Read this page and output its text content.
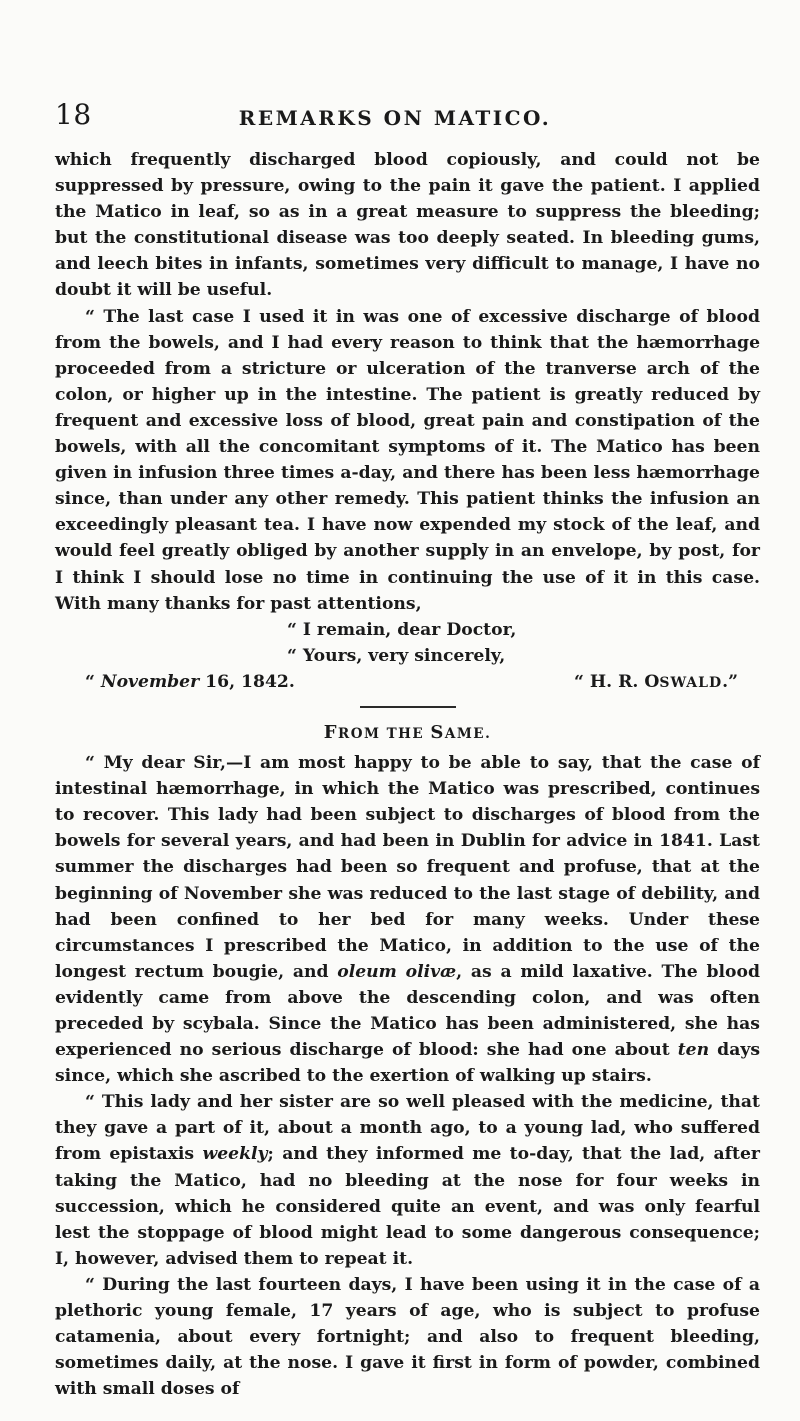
18	REMARKS ON MATICO.

which frequently discharged blood copiously, and could not be suppressed by pressure, owing to the pain it gave the patient. I applied the Matico in leaf, so as in a great measure to suppress the bleeding; but the constitutional disease was too deeply seated. In bleeding gums, and leech bites in infants, sometimes very difficult to manage, I have no doubt it will be useful.

“ The last case I used it in was one of excessive discharge of blood from the bowels, and I had every reason to think that the hæmorrhage proceeded from a stricture or ulceration of the tranverse arch of the colon, or higher up in the intestine. The patient is greatly reduced by frequent and excessive loss of blood, great pain and constipation of the bowels, with all the concomitant symptoms of it. The Matico has been given in infusion three times a-day, and there has been less hæmorrhage since, than under any other remedy. This patient thinks the infusion an exceedingly pleasant tea. I have now expended my stock of the leaf, and would feel greatly obliged by another supply in an envelope, by post, for I think I should lose no time in continuing the use of it in this case. With many thanks for past attentions,

“ I remain, dear Doctor,

“ Yours, very sincerely,

“ November 16, 1842.	“ H. R. OSWALD.”
FROM THE SAME.

“ My dear Sir,—I am most happy to be able to say, that the case of intestinal hæmorrhage, in which the Matico was prescribed, continues to recover. This lady had been subject to discharges of blood from the bowels for several years, and had been in Dublin for advice in 1841. Last summer the discharges had been so frequent and profuse, that at the beginning of November she was reduced to the last stage of debility, and had been confined to her bed for many weeks. Under these circumstances I prescribed the Matico, in addition to the use of the longest rectum bougie, and oleum olivæ, as a mild laxative. The blood evidently came from above the descending colon, and was often preceded by scybala. Since the Matico has been administered, she has experienced no serious discharge of blood: she had one about ten days since, which she ascribed to the exertion of walking up stairs.

“ This lady and her sister are so well pleased with the medicine, that they gave a part of it, about a month ago, to a young lad, who suffered from epistaxis weekly; and they informed me to-day, that the lad, after taking the Matico, had no bleeding at the nose for four weeks in succession, which he considered quite an event, and was only fearful lest the stoppage of blood might lead to some dangerous consequence; I, however, advised them to repeat it.

“ During the last fourteen days, I have been using it in the case of a plethoric young female, 17 years of age, who is subject to profuse catamenia, about every fortnight; and also to frequent bleeding, sometimes daily, at the nose. I gave it first in form of powder, combined with small doses of
